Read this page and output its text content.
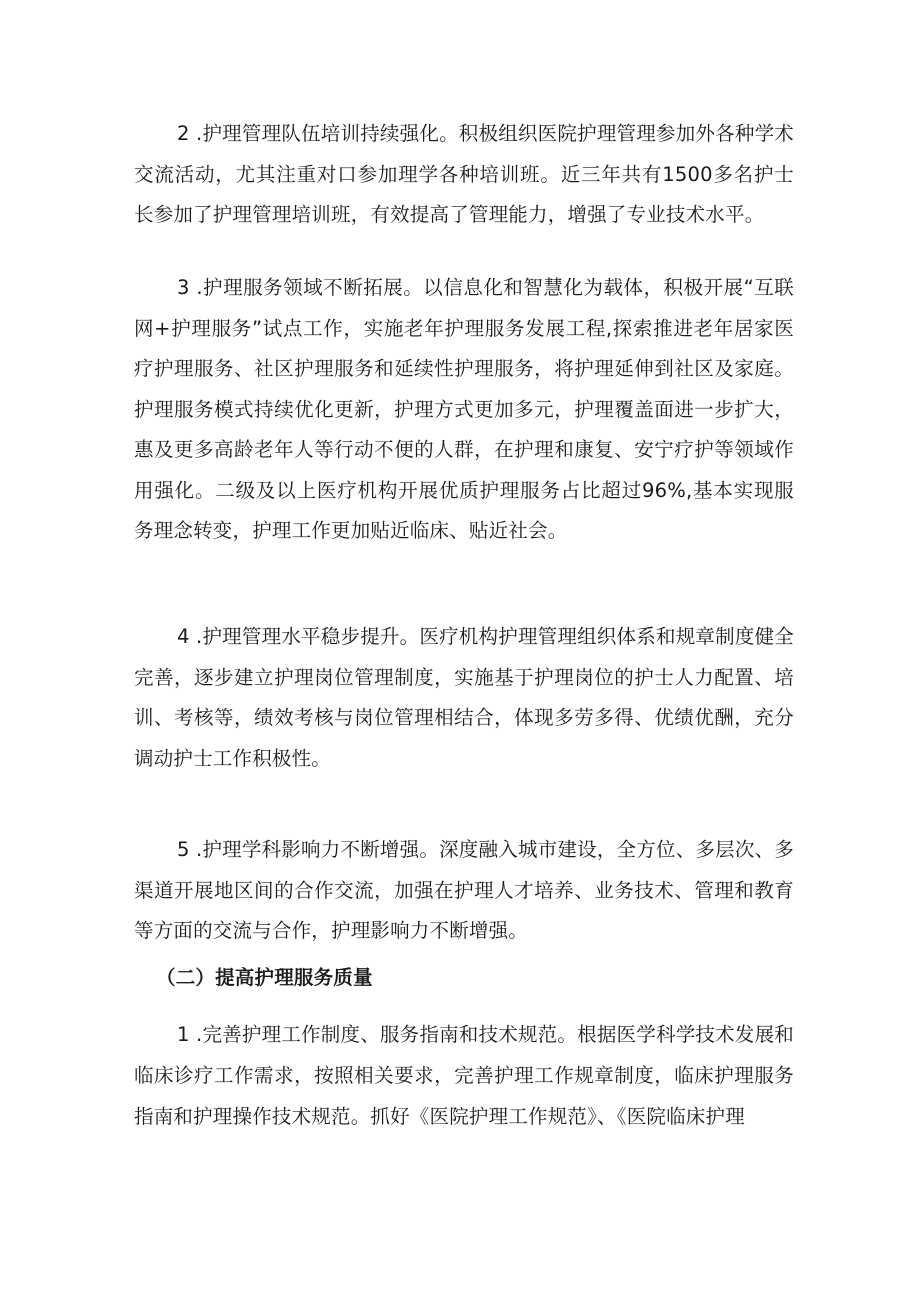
2 .护理管理队伍培训持续强化。积极组织医院护理管理参加外各种学术交流活动，尤其注重对口参加理学各种培训班。近三年共有1500多名护士长参加了护理管理培训班，有效提高了管理能力，增强了专业技术水平。

3 .护理服务领域不断拓展。以信息化和智慧化为载体，积极开展“互联网+护理服务”试点工作，实施老年护理服务发展工程,探索推进老年居家医疗护理服务、社区护理服务和延续性护理服务，将护理延伸到社区及家庭。护理服务模式持续优化更新，护理方式更加多元，护理覆盖面进一步扩大，惠及更多高龄老年人等行动不便的人群，在护理和康复、安宁疗护等领域作用强化。二级及以上医疗机构开展优质护理服务占比超过96%,基本实现服务理念转变，护理工作更加贴近临床、贴近社会。

4 .护理管理水平稳步提升。医疗机构护理管理组织体系和规章制度健全完善，逐步建立护理岗位管理制度，实施基于护理岗位的护士人力配置、培训、考核等，绩效考核与岗位管理相结合，体现多劳多得、优绩优酬，充分调动护士工作积极性。

5 .护理学科影响力不断增强。深度融入城市建设，全方位、多层次、多渠道开展地区间的合作交流，加强在护理人才培养、业务技术、管理和教育等方面的交流与合作，护理影响力不断增强。

（二）提高护理服务质量

1 .完善护理工作制度、服务指南和技术规范。根据医学科学技术发展和临床诊疗工作需求，按照相关要求，完善护理工作规章制度，临床护理服务指南和护理操作技术规范。抓好《医院护理工作规范》、《医院临床护理
